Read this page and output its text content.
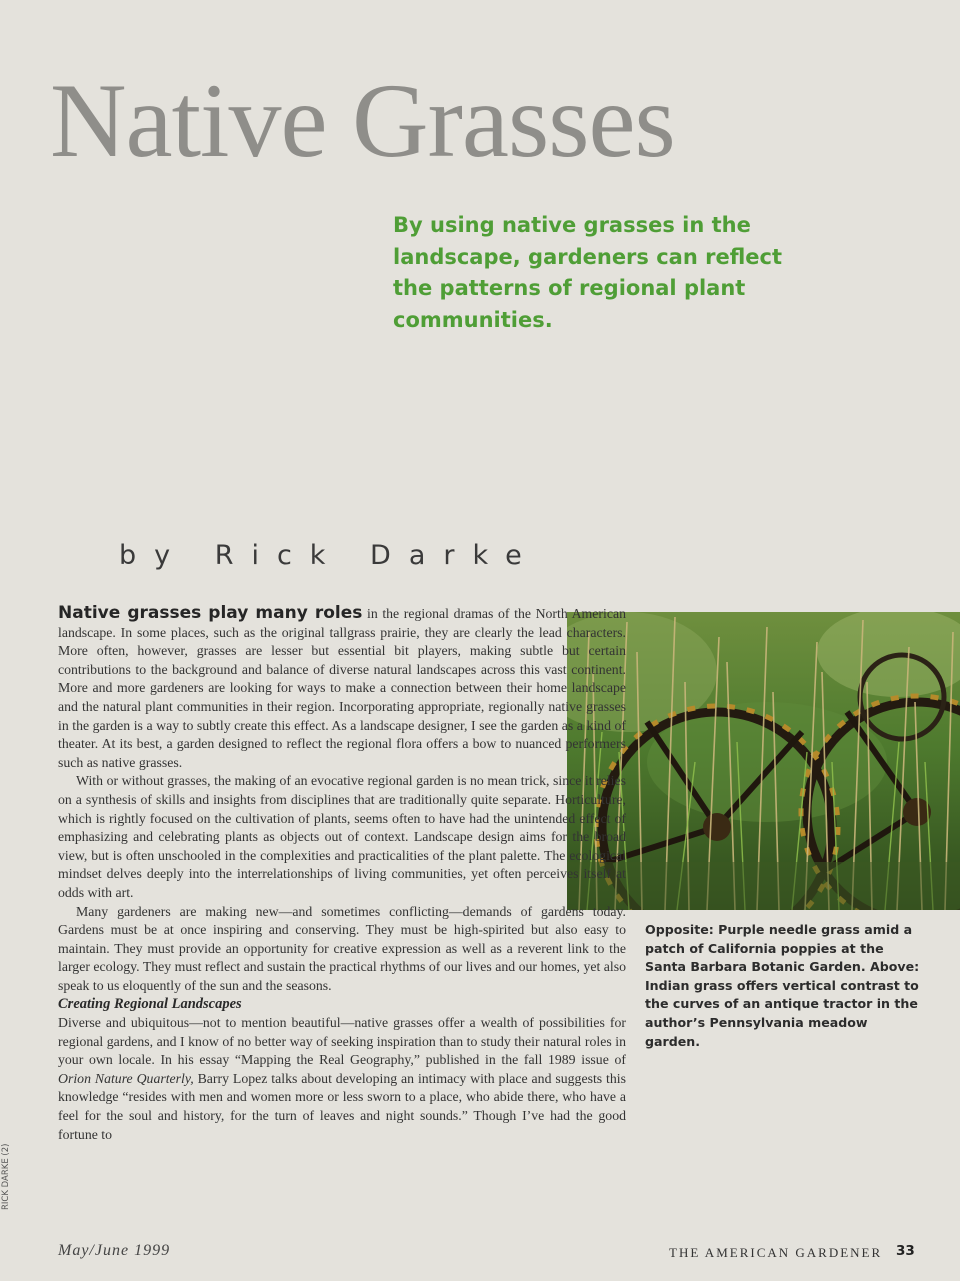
Native Grasses

By using native grasses in the landscape, gardeners can reflect the patterns of regional plant communities.

by Rick Darke

Native grasses play many roles in the regional dramas of the North American landscape. In some places, such as the original tallgrass prairie, they are clearly the lead characters. More often, however, grasses are lesser but essential bit players, making subtle but certain contributions to the background and balance of diverse natural landscapes across this vast continent. More and more gardeners are looking for ways to make a connection between their home landscape and the natural plant communities in their region. Incorporating appropriate, regionally native grasses in the garden is a way to subtly create this effect. As a landscape designer, I see the garden as a kind of theater. At its best, a garden designed to reflect the regional flora offers a bow to nuanced performers such as native grasses.

With or without grasses, the making of an evocative regional garden is no mean trick, since it relies on a synthesis of skills and insights from disciplines that are traditionally quite separate. Horticulture, which is rightly focused on the cultivation of plants, seems often to have had the unintended effect of emphasizing and celebrating plants as objects out of context. Landscape design aims for the broad view, but is often unschooled in the complexities and practicalities of the plant palette. The ecological mindset delves deeply into the interrelationships of living communities, yet often perceives itself at odds with art.

Many gardeners are making new—and sometimes conflicting—demands of gardens today. Gardens must be at once inspiring and conserving. They must be high-spirited but also easy to maintain. They must provide an opportunity for creative expression as well as a reverent link to the larger ecology. They must reflect and sustain the practical rhythms of our lives and our homes, yet also speak to us eloquently of the sun and the seasons.

Creating Regional Landscapes

Diverse and ubiquitous—not to mention beautiful—native grasses offer a wealth of possibilities for regional gardens, and I know of no better way of seeking inspiration than to study their natural roles in your own locale. In his essay “Mapping the Real Geography,” published in the fall 1989 issue of Orion Nature Quarterly, Barry Lopez talks about developing an intimacy with place and suggests this knowledge “resides with men and women more or less sworn to a place, who abide there, who have a feel for the soul and history, for the turn of leaves and night sounds.” Though I’ve had the good fortune to

Opposite: Purple needle grass amid a patch of California poppies at the Santa Barbara Botanic Garden. Above: Indian grass offers vertical contrast to the curves of an antique tractor in the author’s Pennsylvania meadow garden.

RICK DARKE (2)
May/June 1999	THE AMERICAN GARDENER 33
